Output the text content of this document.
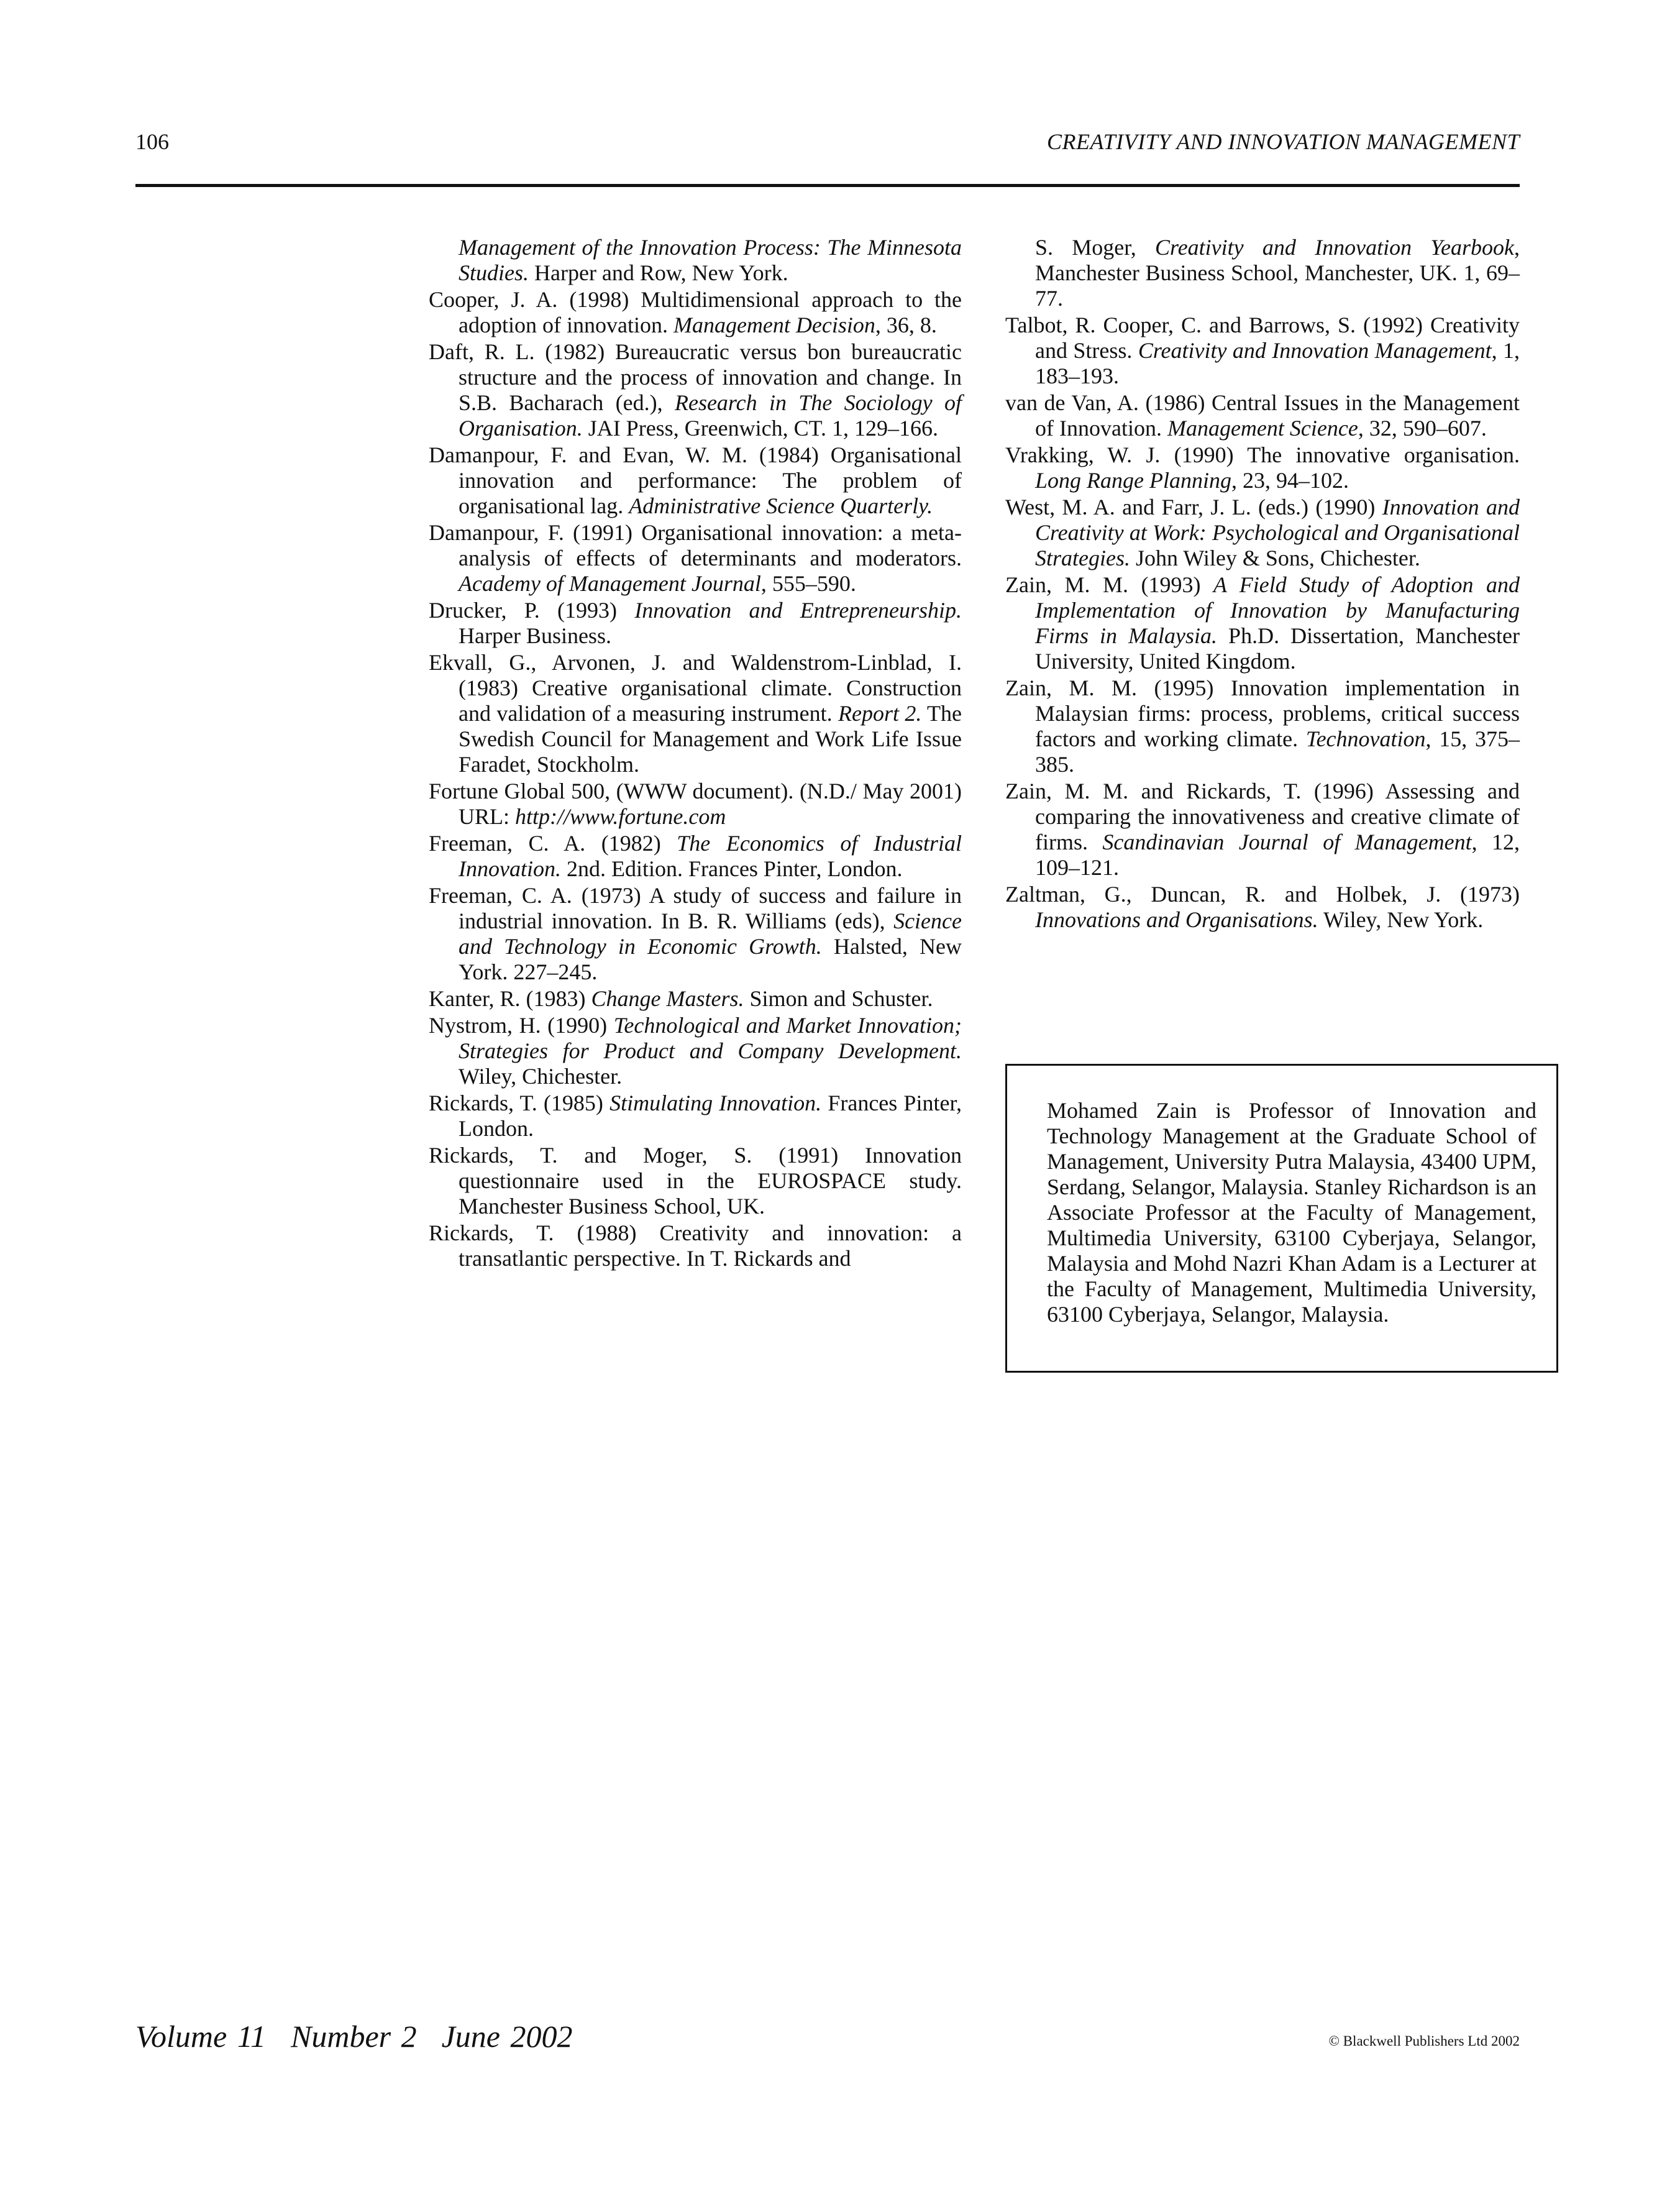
106	CREATIVITY AND INNOVATION MANAGEMENT

Management of the Innovation Process: The Minnesota Studies. Harper and Row, New York.

Cooper, J. A. (1998) Multidimensional approach to the adoption of innovation. Management Decision, 36, 8.

Daft, R. L. (1982) Bureaucratic versus bon bureaucratic structure and the process of innovation and change. In S.B. Bacharach (ed.), Research in The Sociology of Organisation. JAI Press, Greenwich, CT. 1, 129–166.

Damanpour, F. and Evan, W. M. (1984) Organisational innovation and performance: The problem of organisational lag. Administrative Science Quarterly.

Damanpour, F. (1991) Organisational innovation: a meta-analysis of effects of determinants and moderators. Academy of Management Journal, 555–590.

Drucker, P. (1993) Innovation and Entrepreneurship. Harper Business.

Ekvall, G., Arvonen, J. and Waldenstrom-Linblad, I. (1983) Creative organisational climate. Construction and validation of a measuring instrument. Report 2. The Swedish Council for Management and Work Life Issue Faradet, Stockholm.

Fortune Global 500, (WWW document). (N.D./ May 2001) URL: http://www.fortune.com

Freeman, C. A. (1982) The Economics of Industrial Innovation. 2nd. Edition. Frances Pinter, London.

Freeman, C. A. (1973) A study of success and failure in industrial innovation. In B. R. Williams (eds), Science and Technology in Economic Growth. Halsted, New York. 227–245.

Kanter, R. (1983) Change Masters. Simon and Schuster.

Nystrom, H. (1990) Technological and Market Innovation; Strategies for Product and Company Development. Wiley, Chichester.

Rickards, T. (1985) Stimulating Innovation. Frances Pinter, London.

Rickards, T. and Moger, S. (1991) Innovation questionnaire used in the EUROSPACE study. Manchester Business School, UK.

Rickards, T. (1988) Creativity and innovation: a transatlantic perspective. In T. Rickards and

S. Moger, Creativity and Innovation Yearbook, Manchester Business School, Manchester, UK. 1, 69–77.

Talbot, R. Cooper, C. and Barrows, S. (1992) Creativity and Stress. Creativity and Innovation Management, 1, 183–193.

van de Van, A. (1986) Central Issues in the Management of Innovation. Management Science, 32, 590–607.

Vrakking, W. J. (1990) The innovative organisation. Long Range Planning, 23, 94–102.

West, M. A. and Farr, J. L. (eds.) (1990) Innovation and Creativity at Work: Psychological and Organisational Strategies. John Wiley & Sons, Chichester.

Zain, M. M. (1993) A Field Study of Adoption and Implementation of Innovation by Manufacturing Firms in Malaysia. Ph.D. Dissertation, Manchester University, United Kingdom.

Zain, M. M. (1995) Innovation implementation in Malaysian firms: process, problems, critical success factors and working climate. Technovation, 15, 375–385.

Zain, M. M. and Rickards, T. (1996) Assessing and comparing the innovativeness and creative climate of firms. Scandinavian Journal of Management, 12, 109–121.

Zaltman, G., Duncan, R. and Holbek, J. (1973) Innovations and Organisations. Wiley, New York.

Mohamed Zain is Professor of Innovation and Technology Management at the Graduate School of Management, University Putra Malaysia, 43400 UPM, Serdang, Selangor, Malaysia. Stanley Richardson is an Associate Professor at the Faculty of Management, Multimedia University, 63100 Cyberjaya, Selangor, Malaysia and Mohd Nazri Khan Adam is a Lecturer at the Faculty of Management, Multimedia University, 63100 Cyberjaya, Selangor, Malaysia.
Volume 11 Number 2 June 2002	© Blackwell Publishers Ltd 2002
